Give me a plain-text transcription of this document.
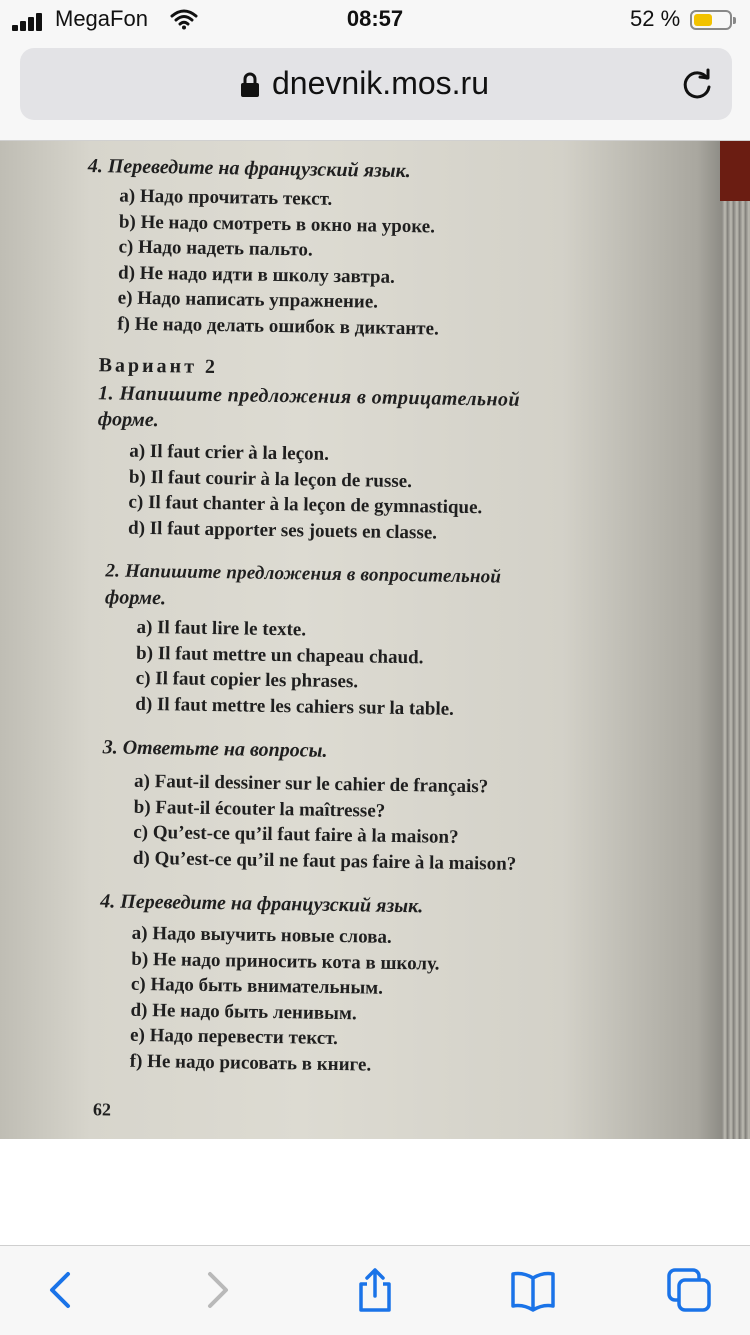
MegaFon	08:57	52 %
dnevnik.mos.ru

4. Переведите на французский язык.

a) Надо прочитать текст.

b) Не надо смотреть в окно на уроке.

c) Надо надеть пальто.

d) Не надо идти в школу завтра.

e) Надо написать упражнение.

f) Не надо делать ошибок в диктанте.

Вариант 2

1. Напишите предложения в отрицательной

форме.

a) Il faut crier à la leçon.

b) Il faut courir à la leçon de russe.

c) Il faut chanter à la leçon de gymnastique.

d) Il faut apporter ses jouets en classe.

2. Напишите предложения в вопросительной

форме.

a) Il faut lire le texte.

b) Il faut mettre un chapeau chaud.

c) Il faut copier les phrases.

d) Il faut mettre les cahiers sur la table.

3. Ответьте на вопросы.

a) Faut-il dessiner sur le cahier de français?

b) Faut-il écouter la maîtresse?

c) Qu’est-ce qu’il faut faire à la maison?

d) Qu’est-ce qu’il ne faut pas faire à la maison?

4. Переведите на французский язык.

a) Надо выучить новые слова.

b) Не надо приносить кота в школу.

c) Надо быть внимательным.

d) Не надо быть ленивым.

e) Надо перевести текст.

f) Не надо рисовать в книге.

62
